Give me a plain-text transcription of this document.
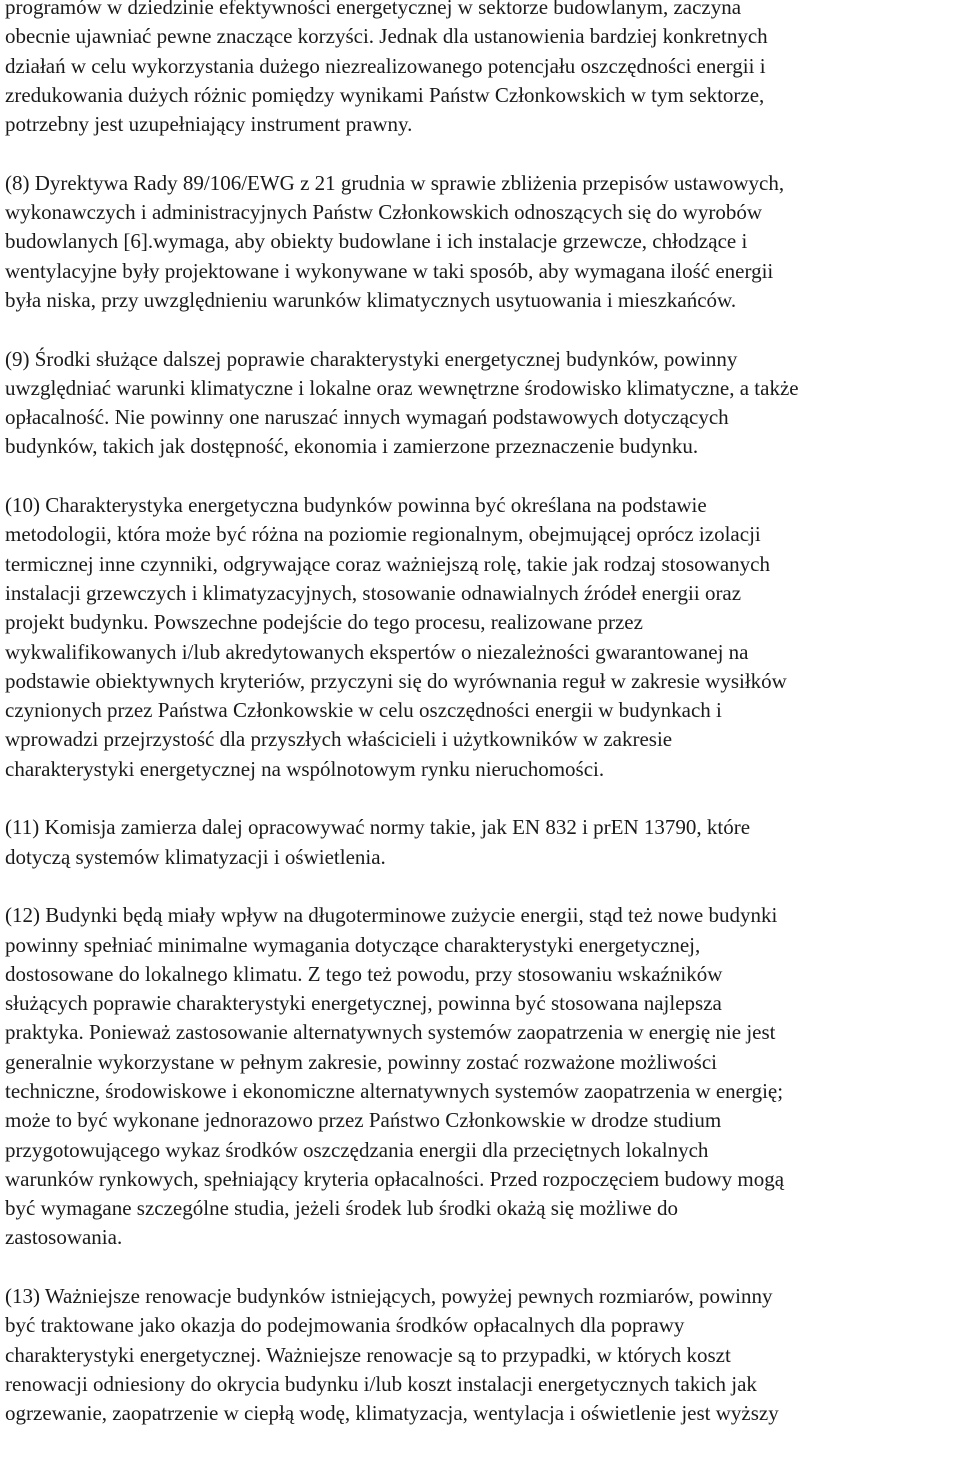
programów w dziedzinie efektywności energetycznej w sektorze budowlanym, zaczyna
obecnie ujawniać pewne znaczące korzyści. Jednak dla ustanowienia bardziej konkretnych
działań w celu wykorzystania dużego niezrealizowanego potencjału oszczędności energii i
zredukowania dużych różnic pomiędzy wynikami Państw Członkowskich w tym sektorze,
potrzebny jest uzupełniający instrument prawny.
(8) Dyrektywa Rady 89/106/EWG z 21 grudnia w sprawie zbliżenia przepisów ustawowych,
wykonawczych i administracyjnych Państw Członkowskich odnoszących się do wyrobów
budowlanych [6].wymaga, aby obiekty budowlane i ich instalacje grzewcze, chłodzące i
wentylacyjne były projektowane i wykonywane w taki sposób, aby wymagana ilość energii
była niska, przy uwzględnieniu warunków klimatycznych usytuowania i mieszkańców.
(9) Środki służące dalszej poprawie charakterystyki energetycznej budynków, powinny
uwzględniać warunki klimatyczne i lokalne oraz wewnętrzne środowisko klimatyczne, a także
opłacalność. Nie powinny one naruszać innych wymagań podstawowych dotyczących
budynków, takich jak dostępność, ekonomia i zamierzone przeznaczenie budynku.
(10) Charakterystyka energetyczna budynków powinna być określana na podstawie
metodologii, która może być różna na poziomie regionalnym, obejmującej oprócz izolacji
termicznej inne czynniki, odgrywające coraz ważniejszą rolę, takie jak rodzaj stosowanych
instalacji grzewczych i klimatyzacyjnych, stosowanie odnawialnych źródeł energii oraz
projekt budynku. Powszechne podejście do tego procesu, realizowane przez
wykwalifikowanych i/lub akredytowanych ekspertów o niezależności gwarantowanej na
podstawie obiektywnych kryteriów, przyczyni się do wyrównania reguł w zakresie wysiłków
czynionych przez Państwa Członkowskie w celu oszczędności energii w budynkach i
wprowadzi przejrzystość dla przyszłych właścicieli i użytkowników w zakresie
charakterystyki energetycznej na wspólnotowym rynku nieruchomości.
(11) Komisja zamierza dalej opracowywać normy takie, jak EN 832 i prEN 13790, które
dotyczą systemów klimatyzacji i oświetlenia.
(12) Budynki będą miały wpływ na długoterminowe zużycie energii, stąd też nowe budynki
powinny spełniać minimalne wymagania dotyczące charakterystyki energetycznej,
dostosowane do lokalnego klimatu. Z tego też powodu, przy stosowaniu wskaźników
służących poprawie charakterystyki energetycznej, powinna być stosowana najlepsza
praktyka. Ponieważ zastosowanie alternatywnych systemów zaopatrzenia w energię nie jest
generalnie wykorzystane w pełnym zakresie, powinny zostać rozważone możliwości
techniczne, środowiskowe i ekonomiczne alternatywnych systemów zaopatrzenia w energię;
może to być wykonane jednorazowo przez Państwo Członkowskie w drodze studium
przygotowującego wykaz środków oszczędzania energii dla przeciętnych lokalnych
warunków rynkowych, spełniający kryteria opłacalności. Przed rozpoczęciem budowy mogą
być wymagane szczególne studia, jeżeli środek lub środki okażą się możliwe do
zastosowania.
(13) Ważniejsze renowacje budynków istniejących, powyżej pewnych rozmiarów, powinny
być traktowane jako okazja do podejmowania środków opłacalnych dla poprawy
charakterystyki energetycznej. Ważniejsze renowacje są to przypadki, w których koszt
renowacji odniesiony do okrycia budynku i/lub koszt instalacji energetycznych takich jak
ogrzewanie, zaopatrzenie w ciepłą wodę, klimatyzacja, wentylacja i oświetlenie jest wyższy
